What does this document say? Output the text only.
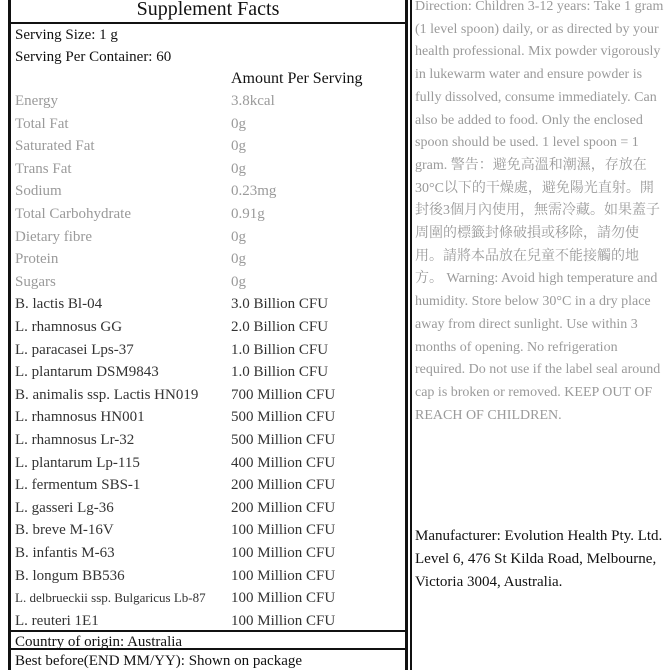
Supplement Facts
Serving Size: 1 g
Serving Per Container: 60
Amount Per Serving
Energy	3.8kcal
Total Fat	0g
Saturated Fat	0g
Trans Fat	0g
Sodium	0.23mg
Total Carbohydrate	0.91g
Dietary fibre	0g
Protein	0g
Sugars	0g
B. lactis Bl-04	3.0 Billion CFU
L. rhamnosus GG	2.0 Billion CFU
L. paracasei Lps-37	1.0 Billion CFU
L. plantarum DSM9843	1.0 Billion CFU
B. animalis ssp. Lactis HN019 700 Million CFU
L. rhamnosus HN001	500 Million CFU
L. rhamnosus Lr-32	500 Million CFU
L. plantarum Lp-115	400 Million CFU
L. fermentum SBS-1	200 Million CFU
L. gasseri Lg-36	200 Million CFU
B. breve M-16V	100 Million CFU
B. infantis M-63	100 Million CFU
B. longum BB536	100 Million CFU
L. delbrueckii ssp. Bulgaricus Lb-87 100 Million CFU
L. reuteri 1E1	100 Million CFU
Country of origin: Australia
Best before(END MM/YY): Shown on package
Direction: Children 3-12 years: Take 1 gram (1 level spoon) daily, or as directed by your health professional. Mix powder vigorously in lukewarm water and ensure powder is fully dissolved, consume immediately. Can also be added to food. Only the enclosed spoon should be used. 1 level spoon = 1 gram. 警告：避免高溫和潮濕，存放在30°C以下的干燥處，避免陽光直射。開封後3個月內使用，無需冷藏。如果蓋子周圍的標籤封條破損或移除，請勿使用。請將本品放在兒童不能接觸的地方。 Warning: Avoid high temperature and humidity. Store below 30°C in a dry place away from direct sunlight. Use within 3 months of opening. No refrigeration required. Do not use if the label seal around cap is broken or removed. KEEP OUT OF REACH OF CHILDREN.
Manufacturer: Evolution Health Pty. Ltd.
Level 6, 476 St Kilda Road, Melbourne, Victoria 3004, Australia.
